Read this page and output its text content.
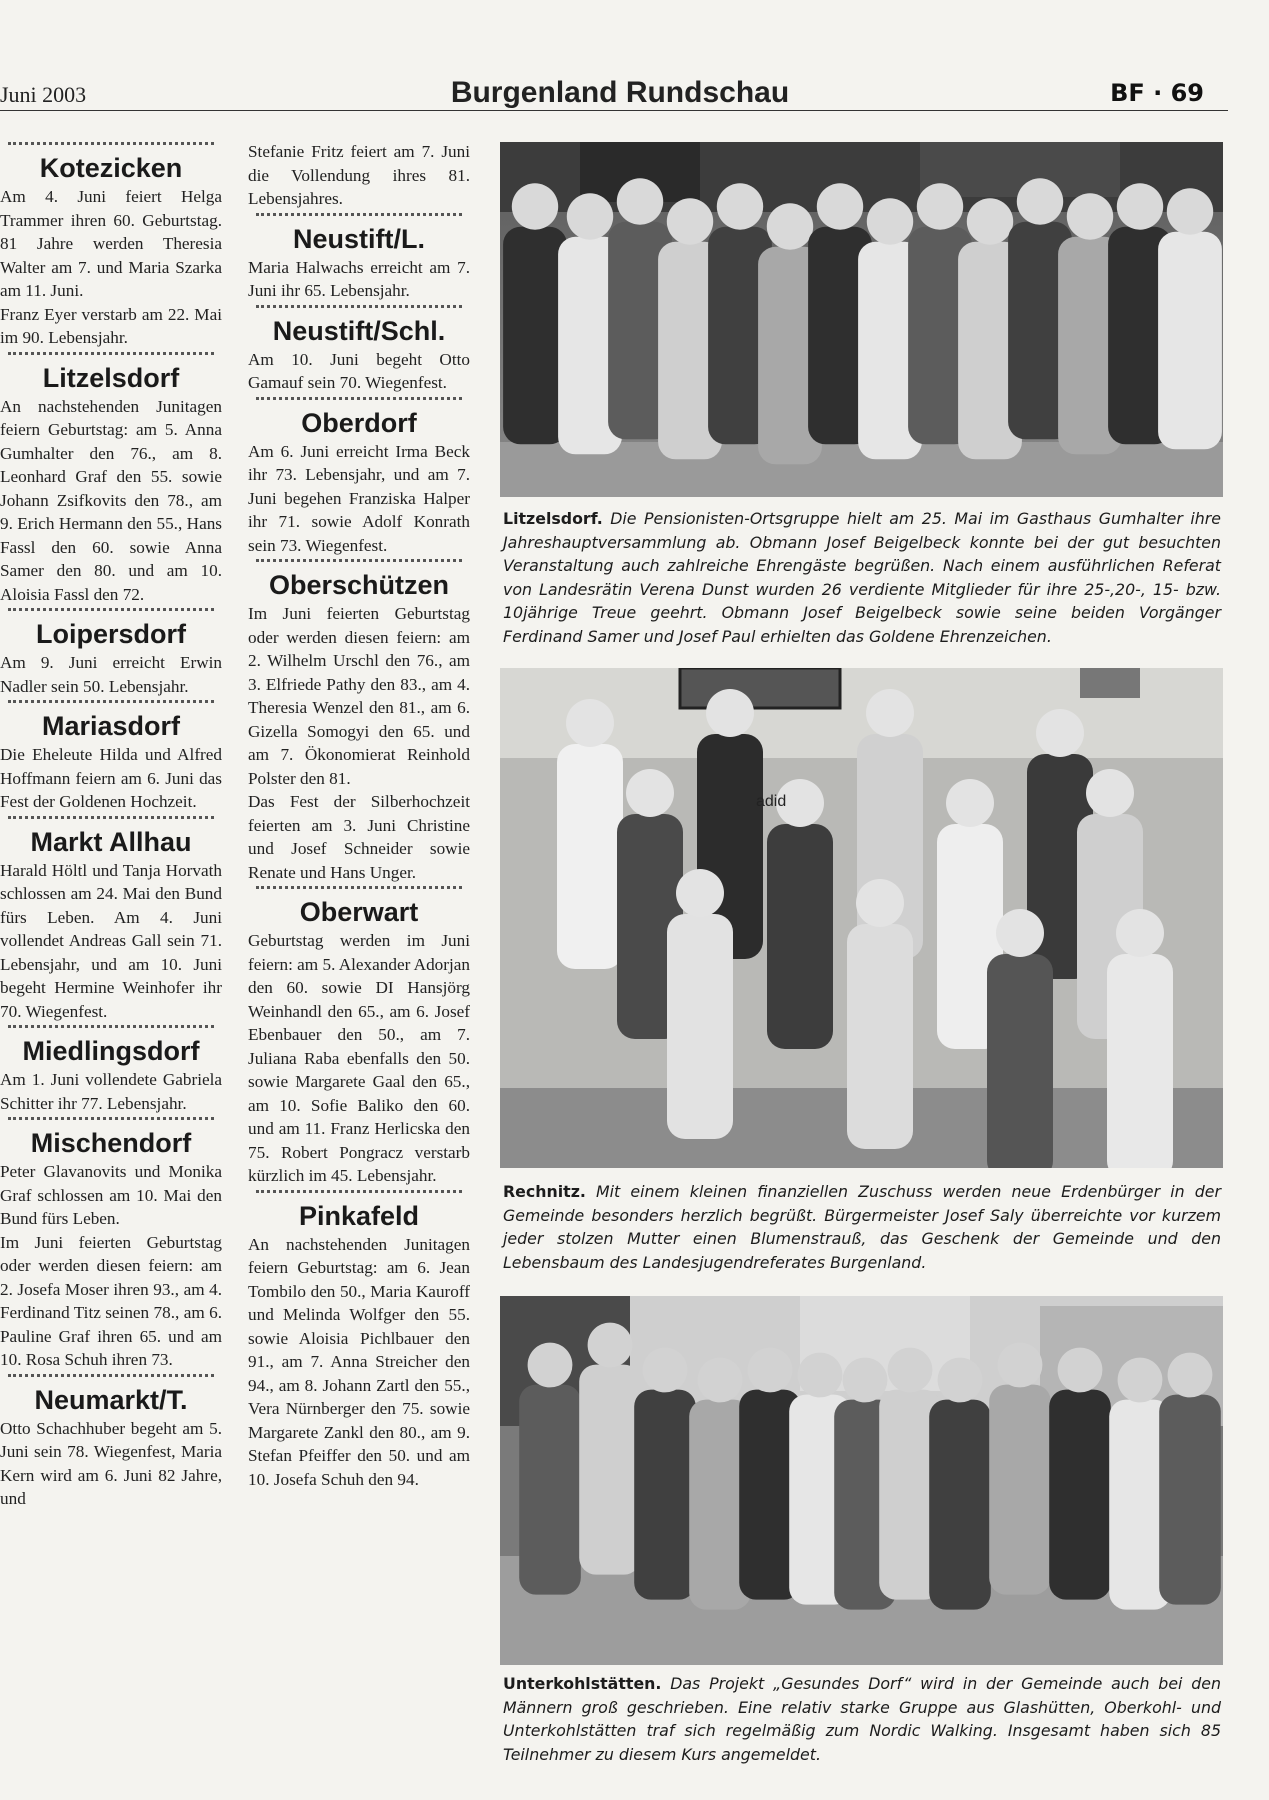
Juni 2003	Burgenland Rundschau	BF · 69
Kotezicken
Am 4. Juni feiert Helga Trammer ihren 60. Geburtstag. 81 Jahre werden Theresia Walter am 7. und Maria Szarka am 11. Juni.
Franz Eyer verstarb am 22. Mai im 90. Lebensjahr.
Litzelsdorf
An nachstehenden Junitagen feiern Geburtstag: am 5. Anna Gumhalter den 76., am 8. Leonhard Graf den 55. sowie Johann Zsifkovits den 78., am 9. Erich Hermann den 55., Hans Fassl den 60. sowie Anna Samer den 80. und am 10. Aloisia Fassl den 72.
Loipersdorf
Am 9. Juni erreicht Erwin Nadler sein 50. Lebensjahr.
Mariasdorf
Die Eheleute Hilda und Alfred Hoffmann feiern am 6. Juni das Fest der Goldenen Hochzeit.
Markt Allhau
Harald Höltl und Tanja Horvath schlossen am 24. Mai den Bund fürs Leben. Am 4. Juni vollendet Andreas Gall sein 71. Lebensjahr, und am 10. Juni begeht Hermine Weinhofer ihr 70. Wiegenfest.
Miedlingsdorf
Am 1. Juni vollendete Gabriela Schitter ihr 77. Lebensjahr.
Mischendorf
Peter Glavanovits und Monika Graf schlossen am 10. Mai den Bund fürs Leben.
Im Juni feierten Geburtstag oder werden diesen feiern: am 2. Josefa Moser ihren 93., am 4. Ferdinand Titz seinen 78., am 6. Pauline Graf ihren 65. und am 10. Rosa Schuh ihren 73.
Neumarkt/T.
Otto Schachhuber begeht am 5. Juni sein 78. Wiegenfest, Maria Kern wird am 6. Juni 82 Jahre, und
Stefanie Fritz feiert am 7. Juni die Vollendung ihres 81. Lebensjahres.
Neustift/L.
Maria Halwachs erreicht am 7. Juni ihr 65. Lebensjahr.
Neustift/Schl.
Am 10. Juni begeht Otto Gamauf sein 70. Wiegenfest.
Oberdorf
Am 6. Juni erreicht Irma Beck ihr 73. Lebensjahr, und am 7. Juni begehen Franziska Halper ihr 71. sowie Adolf Konrath sein 73. Wiegenfest.
Oberschützen
Im Juni feierten Geburtstag oder werden diesen feiern: am 2. Wilhelm Urschl den 76., am 3. Elfriede Pathy den 83., am 4. Theresia Wenzel den 81., am 6. Gizella Somogyi den 65. und am 7. Ökonomierat Reinhold Polster den 81.
Das Fest der Silberhochzeit feierten am 3. Juni Christine und Josef Schneider sowie Renate und Hans Unger.
Oberwart
Geburtstag werden im Juni feiern: am 5. Alexander Adorjan den 60. sowie DI Hansjörg Weinhandl den 65., am 6. Josef Ebenbauer den 50., am 7. Juliana Raba ebenfalls den 50. sowie Margarete Gaal den 65., am 10. Sofie Baliko den 60. und am 11. Franz Herlicska den 75. Robert Pongracz verstarb kürzlich im 45. Lebensjahr.
Pinkafeld
An nachstehenden Junitagen feiern Geburtstag: am 6. Jean Tombilo den 50., Maria Kauroff und Melinda Wolfger den 55. sowie Aloisia Pichlbauer den 91., am 7. Anna Streicher den 94., am 8. Johann Zartl den 55., Vera Nürnberger den 75. sowie Margarete Zankl den 80., am 9. Stefan Pfeiffer den 50. und am 10. Josefa Schuh den 94.
Litzelsdorf. Die Pensionisten-Ortsgruppe hielt am 25. Mai im Gasthaus Gumhalter ihre Jahreshauptversammlung ab. Obmann Josef Beigelbeck konnte bei der gut besuchten Veranstaltung auch zahlreiche Ehrengäste begrüßen. Nach einem ausführlichen Referat von Landesrätin Verena Dunst wurden 26 verdiente Mitglieder für ihre 25-,20-, 15- bzw. 10jährige Treue geehrt. Obmann Josef Beigelbeck sowie seine beiden Vorgänger Ferdinand Samer und Josef Paul erhielten das Goldene Ehrenzeichen.
adid
Rechnitz. Mit einem kleinen finanziellen Zuschuss werden neue Erdenbürger in der Gemeinde besonders herzlich begrüßt. Bürgermeister Josef Saly überreichte vor kurzem jeder stolzen Mutter einen Blumenstrauß, das Geschenk der Gemeinde und den Lebensbaum des Landesjugendreferates Burgenland.
Unterkohlstätten. Das Projekt „Gesundes Dorf“ wird in der Gemeinde auch bei den Männern groß geschrieben. Eine relativ starke Gruppe aus Glashütten, Oberkohl- und Unterkohlstätten traf sich regelmäßig zum Nordic Walking. Insgesamt haben sich 85 Teilnehmer zu diesem Kurs angemeldet.
